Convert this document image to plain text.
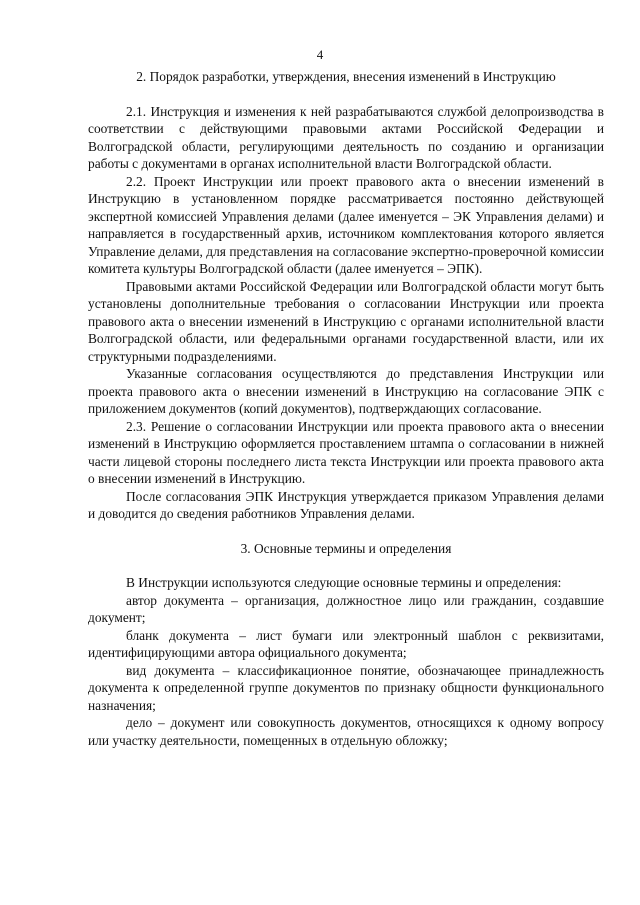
4
2. Порядок разработки, утверждения, внесения изменений в Инструкцию

2.1. Инструкция и изменения к ней разрабатываются службой делопроизводства в соответствии с действующими правовыми актами Российской Федерации и Волгоградской области, регулирующими деятельность по созданию и организации работы с документами в органах исполнительной власти Волгоградской области.

2.2. Проект Инструкции или проект правового акта о внесении изменений в Инструкцию в установленном порядке рассматривается постоянно действующей экспертной комиссией Управления делами (далее именуется – ЭК Управления делами) и направляется в государственный архив, источником комплектования которого является Управление делами, для представления на согласование экспертно-проверочной комиссии комитета культуры Волгоградской области (далее именуется – ЭПК).

Правовыми актами Российской Федерации или Волгоградской области могут быть установлены дополнительные требования о согласовании Инструкции или проекта правового акта о внесении изменений в Инструкцию с органами исполнительной власти Волгоградской области, или федеральными органами государственной власти, или их структурными подразделениями.

Указанные согласования осуществляются до представления Инструкции или проекта правового акта о внесении изменений в Инструкцию на согласование ЭПК с приложением документов (копий документов), подтверждающих согласование.

2.3. Решение о согласовании Инструкции или проекта правового акта о внесении изменений в Инструкцию оформляется проставлением штампа о согласовании в нижней части лицевой стороны последнего листа текста Инструкции или проекта правового акта о внесении изменений в Инструкцию.

После согласования ЭПК Инструкция утверждается приказом Управления делами и доводится до сведения работников Управления делами.

3. Основные термины и определения

В Инструкции используются следующие основные термины и определения:

автор документа – организация, должностное лицо или гражданин, создавшие документ;

бланк документа – лист бумаги или электронный шаблон с реквизитами, идентифицирующими автора официального документа;

вид документа – классификационное понятие, обозначающее принадлежность документа к определенной группе документов по признаку общности функционального назначения;

дело – документ или совокупность документов, относящихся к одному вопросу или участку деятельности, помещенных в отдельную обложку;
